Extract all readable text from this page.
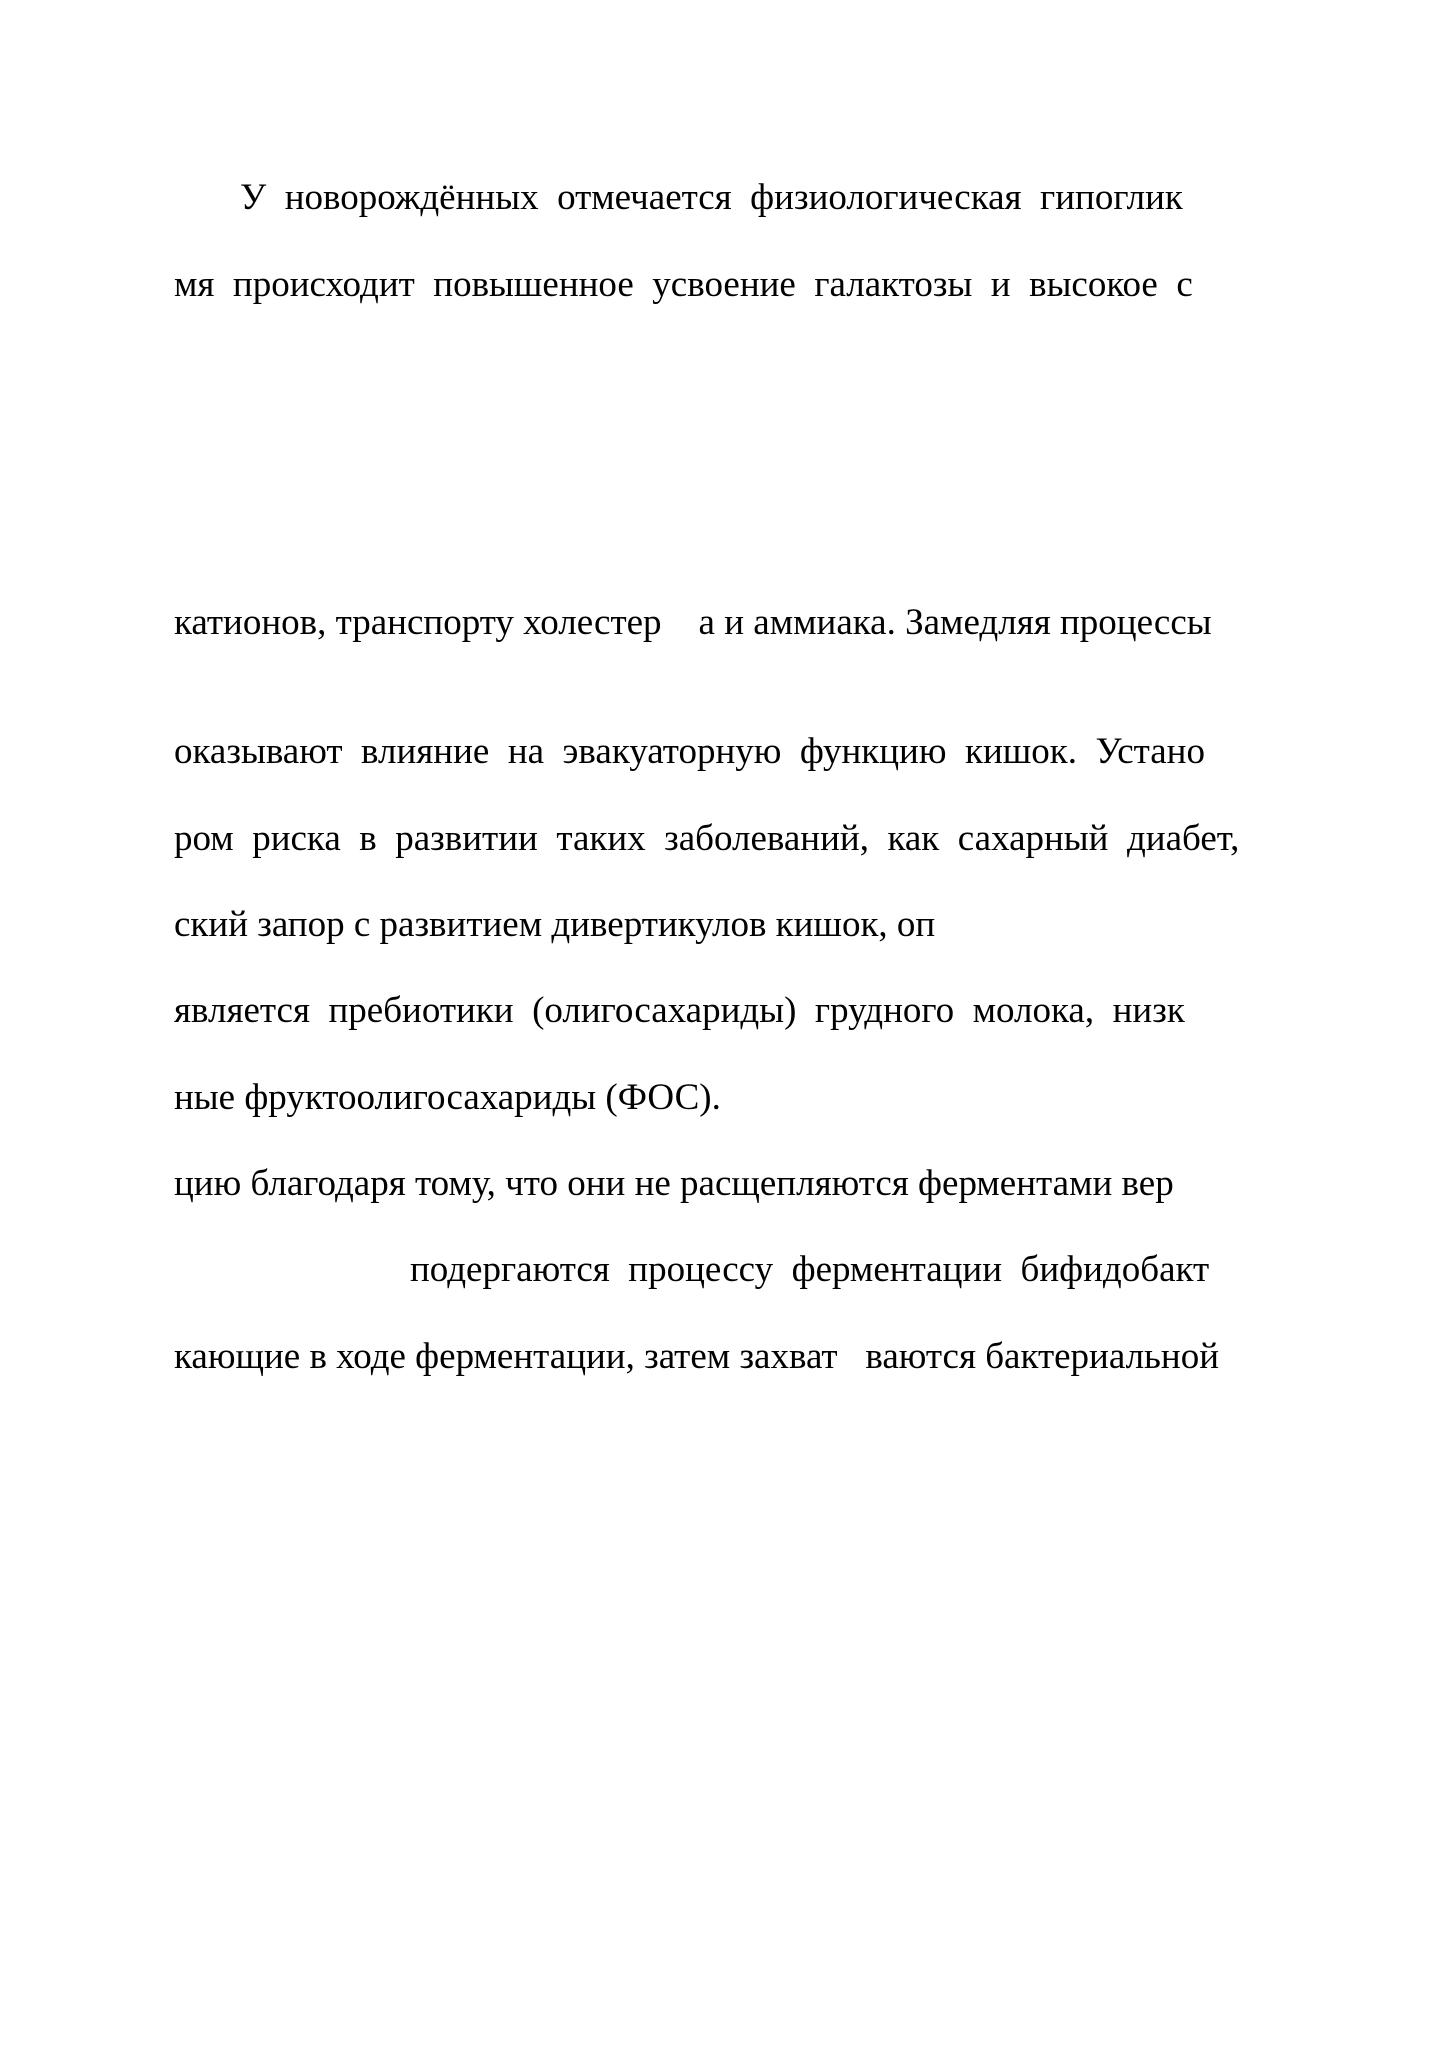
У  новорождённых  отмечается  физиологическая  гипоглик
мя  происходит  повышенное  усвоение  галактозы  и  высокое  с
катионов, транспорту холестер    а и аммиака. Замедляя процессы
оказывают  влияние  на  эвакуаторную  функцию  кишок.  Устано
ром  риска  в  развитии  таких  заболеваний,  как  сахарный  диабет,
ский запор с развитием дивертикулов кишок, оп
является  пребиотики  (олигосахариды)  грудного  молока,  низк
ные фруктоолигосахариды (ФОС).
цию благодаря тому, что они не расщепляются ферментами вер
подергаются  процессу  ферментации  бифидобакт
кающие в ходе ферментации, затем захват   ваются бактериальной
